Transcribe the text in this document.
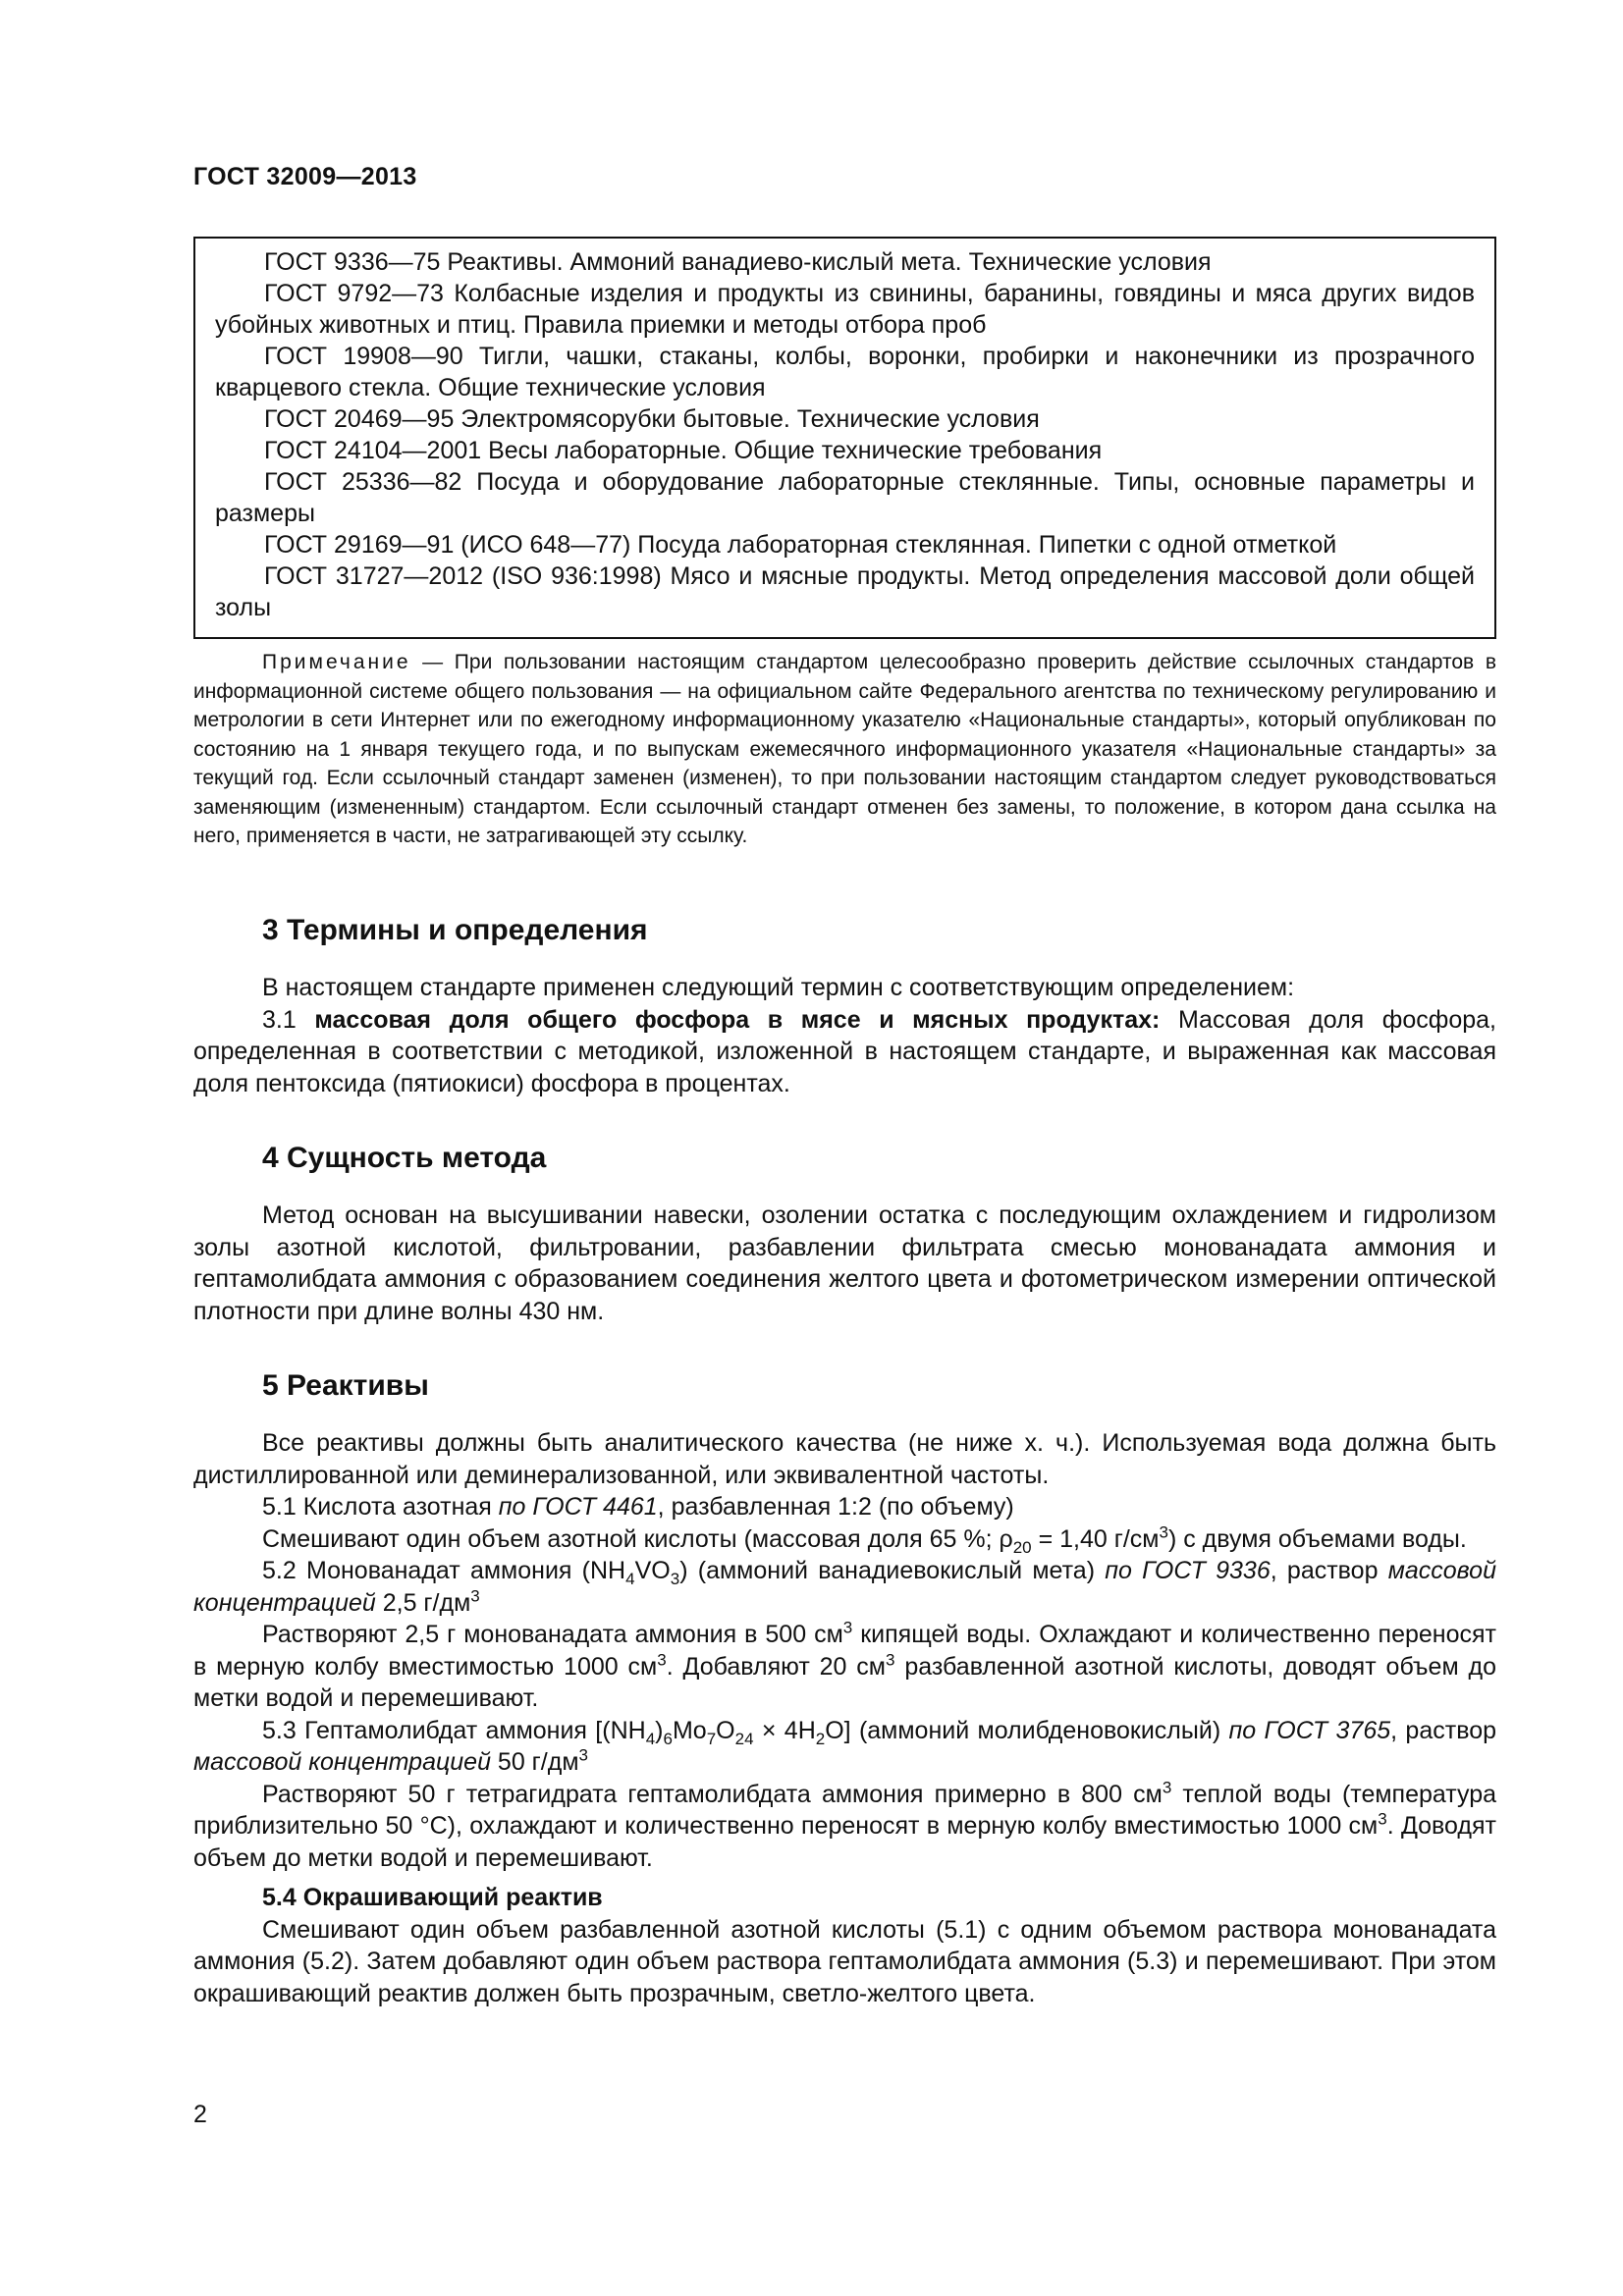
ГОСТ 32009—2013

ГОСТ 9336—75 Реактивы. Аммоний ванадиево-кислый мета. Технические условия

ГОСТ 9792—73 Колбасные изделия и продукты из свинины, баранины, говядины и мяса других видов убойных животных и птиц. Правила приемки и методы отбора проб

ГОСТ 19908—90 Тигли, чашки, стаканы, колбы, воронки, пробирки и наконечники из прозрачного кварцевого стекла. Общие технические условия

ГОСТ 20469—95 Электромясорубки бытовые. Технические условия

ГОСТ 24104—2001 Весы лабораторные. Общие технические требования

ГОСТ 25336—82 Посуда и оборудование лабораторные стеклянные. Типы, основные параметры и размеры

ГОСТ 29169—91 (ИСО 648—77) Посуда лабораторная стеклянная. Пипетки с одной отметкой

ГОСТ 31727—2012 (ISO 936:1998) Мясо и мясные продукты. Метод определения массовой доли общей золы

Примечание — При пользовании настоящим стандартом целесообразно проверить действие ссылочных стандартов в информационной системе общего пользования — на официальном сайте Федерального агентства по техническому регулированию и метрологии в сети Интернет или по ежегодному информационному указателю «Национальные стандарты», который опубликован по состоянию на 1 января текущего года, и по выпускам ежемесячного информационного указателя «Национальные стандарты» за текущий год. Если ссылочный стандарт заменен (изменен), то при пользовании настоящим стандартом следует руководствоваться заменяющим (измененным) стандартом. Если ссылочный стандарт отменен без замены, то положение, в котором дана ссылка на него, применяется в части, не затрагивающей эту ссылку.

3 Термины и определения

В настоящем стандарте применен следующий термин с соответствующим определением:

3.1 массовая доля общего фосфора в мясе и мясных продуктах: Массовая доля фосфора, определенная в соответствии с методикой, изложенной в настоящем стандарте, и выраженная как массовая доля пентоксида (пятиокиси) фосфора в процентах.

4 Сущность метода

Метод основан на высушивании навески, озолении остатка с последующим охлаждением и гидролизом золы азотной кислотой, фильтровании, разбавлении фильтрата смесью монованадата аммония и гептамолибдата аммония с образованием соединения желтого цвета и фотометрическом измерении оптической плотности при длине волны 430 нм.

5 Реактивы

Все реактивы должны быть аналитического качества (не ниже х. ч.). Используемая вода должна быть дистиллированной или деминерализованной, или эквивалентной частоты.

5.1 Кислота азотная по ГОСТ 4461, разбавленная 1:2 (по объему)

Смешивают один объем азотной кислоты (массовая доля 65 %; $\rho_{20} = 1,40$ $г/см^3$) с двумя объемами воды.

5.2 Монованадат аммония $(NH_4VO_3)$ (аммоний ванадиевокислый мета) по ГОСТ 9336, раствор массовой концентрацией 2,5 $г/дм^3$

Растворяют 2,5 г монованадата аммония в 500 $см^3$ кипящей воды. Охлаждают и количественно переносят в мерную колбу вместимостью 1000 $см^3$. Добавляют 20 $см^3$ разбавленной азотной кислоты, доводят объем до метки водой и перемешивают.

5.3 Гептамолибдат аммония $[(NH_4)_6Mo_7O_{24} \times 4H_2O]$ (аммоний молибденовокислый) по ГОСТ 3765, раствор массовой концентрацией 50 $г/дм^3$

Растворяют 50 г тетрагидрата гептамолибдата аммония примерно в 800 $см^3$ теплой воды (температура приблизительно 50 °C), охлаждают и количественно переносят в мерную колбу вместимостью 1000 $см^3$. Доводят объем до метки водой и перемешивают.

5.4 Окрашивающий реактив

Смешивают один объем разбавленной азотной кислоты (5.1) с одним объемом раствора монованадата аммония (5.2). Затем добавляют один объем раствора гептамолибдата аммония (5.3) и перемешивают. При этом окрашивающий реактив должен быть прозрачным, светло-желтого цвета.

2
